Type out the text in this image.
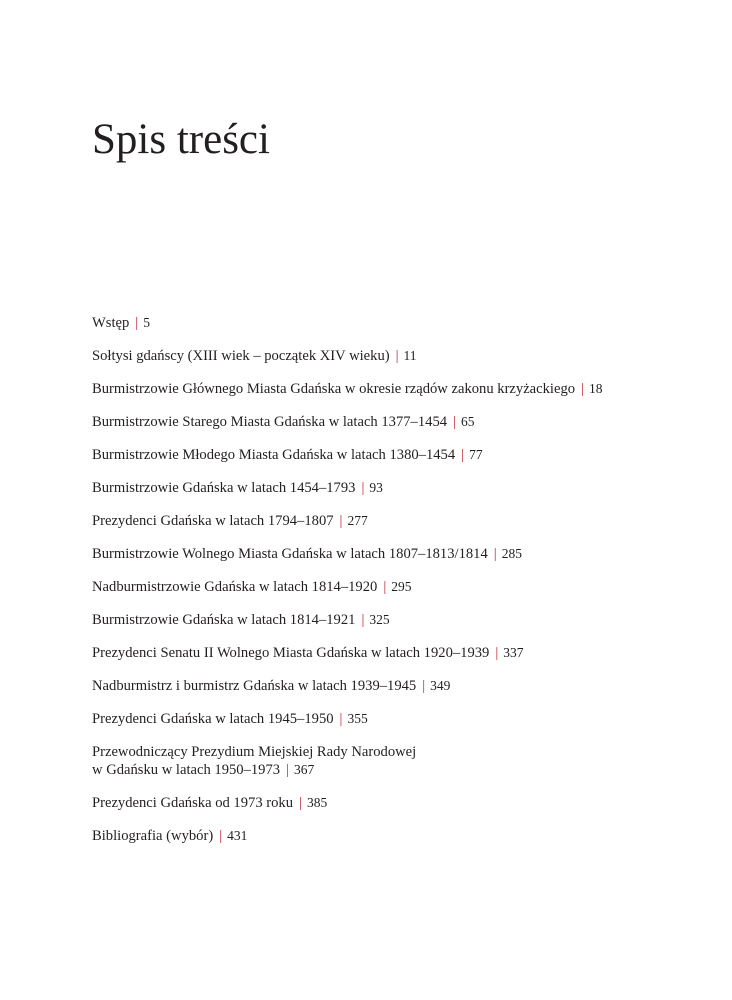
Spis treści
Wstęp | 5
Sołtysi gdańscy (XIII wiek – początek XIV wieku) | 11
Burmistrzowie Głównego Miasta Gdańska w okresie rządów zakonu krzyżackiego | 18
Burmistrzowie Starego Miasta Gdańska w latach 1377–1454 | 65
Burmistrzowie Młodego Miasta Gdańska w latach 1380–1454 | 77
Burmistrzowie Gdańska w latach 1454–1793 | 93
Prezydenci Gdańska w latach 1794–1807 | 277
Burmistrzowie Wolnego Miasta Gdańska w latach 1807–1813/1814 | 285
Nadburmistrzowie Gdańska w latach 1814–1920 | 295
Burmistrzowie Gdańska w latach 1814–1921 | 325
Prezydenci Senatu II Wolnego Miasta Gdańska w latach 1920–1939 | 337
Nadburmistrz i burmistrz Gdańska w latach 1939–1945 | 349
Prezydenci Gdańska w latach 1945–1950 | 355
Przewodniczący Prezydium Miejskiej Rady Narodowej
w Gdańsku w latach 1950–1973 | 367
Prezydenci Gdańska od 1973 roku | 385
Bibliografia (wybór) | 431
